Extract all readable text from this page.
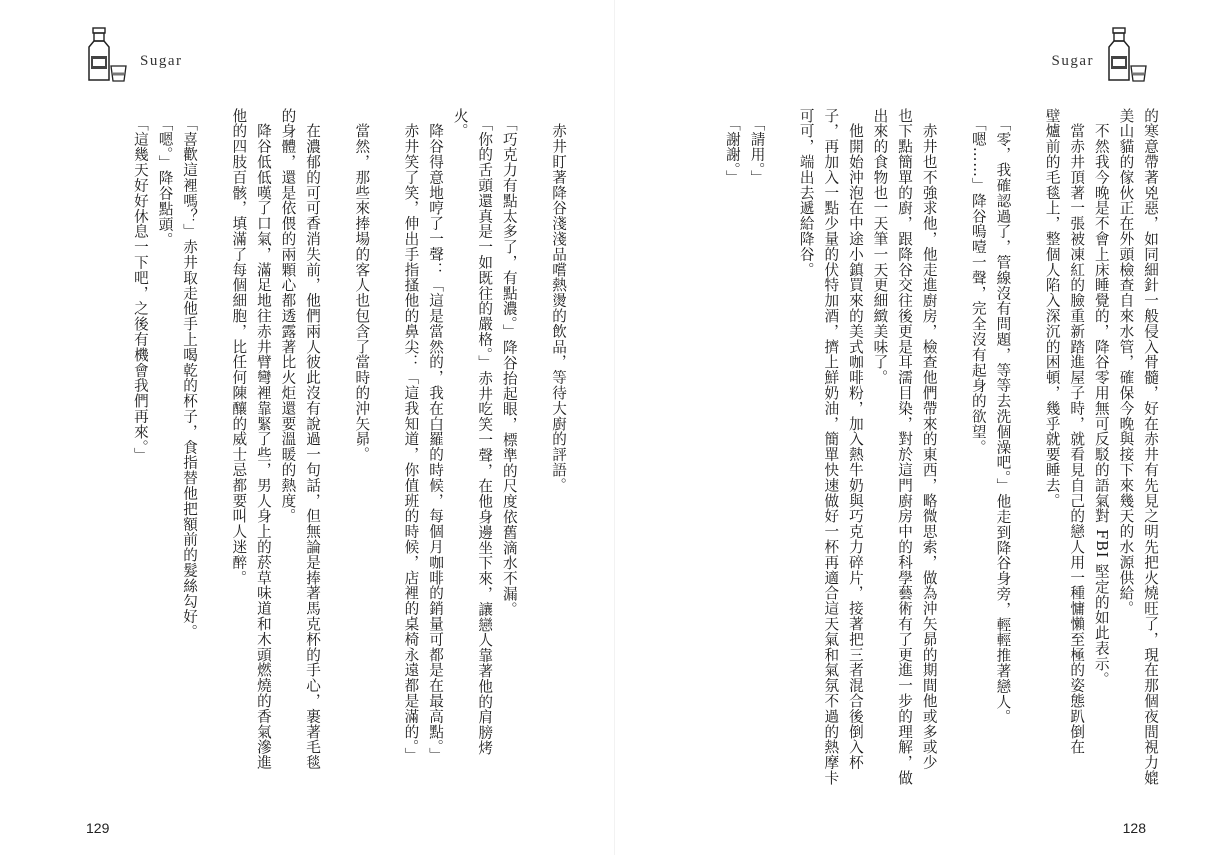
Sugar
　赤井盯著降谷淺淺品嚐熱燙的飲品，等待大廚的評語。

　「巧克力有點太多了，有點濃。」降谷抬起眼，標準的尺度依舊滴水不漏。
　「你的舌頭還真是一如既往的嚴格。」赤井吃笑一聲，在他身邊坐下來，讓戀人靠著他的肩膀烤
火。
　降谷得意地哼了一聲：「這是當然的，我在白羅的時候，每個月咖啡的銷量可都是在最高點。」
　赤井笑了笑，伸出手指搔他的鼻尖：「這我知道，你值班的時候，店裡的桌椅永遠都是滿的。」

　當然，那些來捧場的客人也包含了當時的沖矢昴。

　在濃郁的可可香消失前，他們兩人彼此沒有說過一句話，但無論是捧著馬克杯的手心，裹著毛毯
的身體，還是依偎的兩顆心都透露著比火炬還要溫暖的熱度。
　降谷低低嘆了口氣，滿足地往赤井臂彎裡靠緊了些，男人身上的菸草味道和木頭燃燒的香氣滲進
他的四肢百骸，填滿了每個細胞，比任何陳釀的威士忌都要叫人迷醉。

　「喜歡這裡嗎？」赤井取走他手上喝乾的杯子，食指替他把額前的髮絲勾好。
　「嗯。」降谷點頭。
　「這幾天好好休息一下吧，之後有機會我們再來。」
129
Sugar
的寒意帶著兇惡，如同細針一般侵入骨髓，好在赤井有先見之明先把火燒旺了，現在那個夜間視力媲
美山貓的傢伙正在外頭檢查自來水管，確保今晚與接下來幾天的水源供給。
　不然我今晚是不會上床睡覺的，降谷零用無可反駁的語氣對 FBI 堅定的如此表示。
　當赤井頂著一張被凍紅的臉重新踏進屋子時，就看見自己的戀人用一種慵懶至極的姿態趴倒在
壁爐前的毛毯上，整個人陷入深沉的困頓，幾乎就要睡去。

　「零，我確認過了，管線沒有問題，等等去洗個澡吧。」他走到降谷身旁，輕輕推著戀人。
　「嗯……」降谷嗚噎一聲，完全沒有起身的欲望。

　赤井也不強求他，他走進廚房，檢查他們帶來的東西，略微思索，做為沖矢昴的期間他或多或少
也下點簡單的廚，跟降谷交往後更是耳濡目染，對於這門廚房中的科學藝術有了更進一步的理解，做
出來的食物也一天筆一天更細緻美味了。
　他開始沖泡在中途小鎮買來的美式咖啡粉，加入熱牛奶與巧克力碎片，接著把三者混合後倒入杯
子，再加入一點少量的伏特加酒，擠上鮮奶油，簡單快速做好一杯再適合這天氣和氣氛不過的熱摩卡
可可，端出去遞給降谷。

　「請用。」
　「謝謝。」
128
